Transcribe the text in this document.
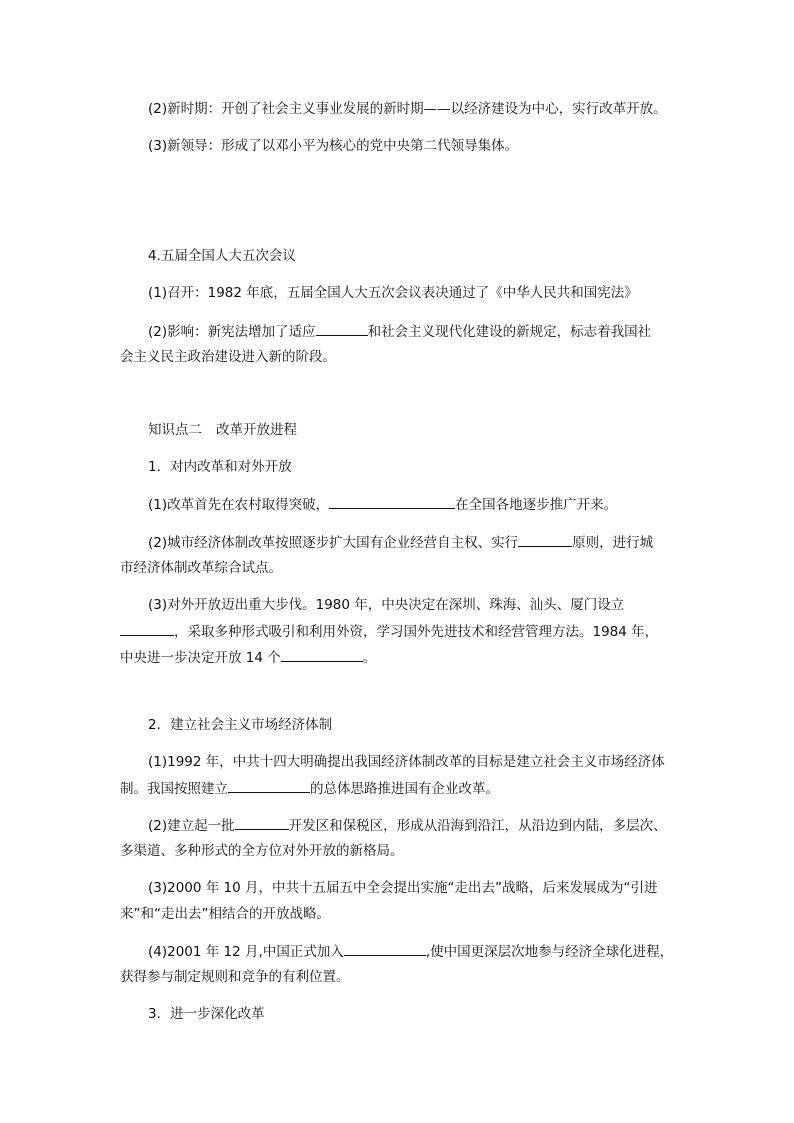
(2)新时期：开创了社会主义事业发展的新时期——以经济建设为中心，实行改革开放。
(3)新领导：形成了以邓小平为核心的党中央第二代领导集体。
4.五届全国人大五次会议
(1)召开：1982 年底，五届全国人大五次会议表决通过了《中华人民共和国宪法》
(2)影响：新宪法增加了适应	和社会主义现代化建设的新规定，标志着我国社
会主义民主政治建设进入新的阶段。
知识点二 改革开放进程
1．对内改革和对外开放
(1)改革首先在农村取得突破，	在全国各地逐步推广开来。
(2)城市经济体制改革按照逐步扩大国有企业经营自主权、实行	原则，进行城
市经济体制改革综合试点。
(3)对外开放迈出重大步伐。1980 年，中央决定在深圳、珠海、汕头、厦门设立
，采取多种形式吸引和利用外资，学习国外先进技术和经营管理方法。1984 年，
中央进一步决定开放 14 个	。
2．建立社会主义市场经济体制
(1)1992 年，中共十四大明确提出我国经济体制改革的目标是建立社会主义市场经济体
制。我国按照建立	的总体思路推进国有企业改革。
(2)建立起一批	开发区和保税区，形成从沿海到沿江，从沿边到内陆，多层次、
多渠道、多种形式的全方位对外开放的新格局。
(3)2000 年 10 月，中共十五届五中全会提出实施“走出去”战略，后来发展成为“引进
来”和“走出去”相结合的开放战略。
(4)2001 年 12 月,中国正式加入	,使中国更深层次地参与经济全球化进程，
获得参与制定规则和竞争的有利位置。
3．进一步深化改革
